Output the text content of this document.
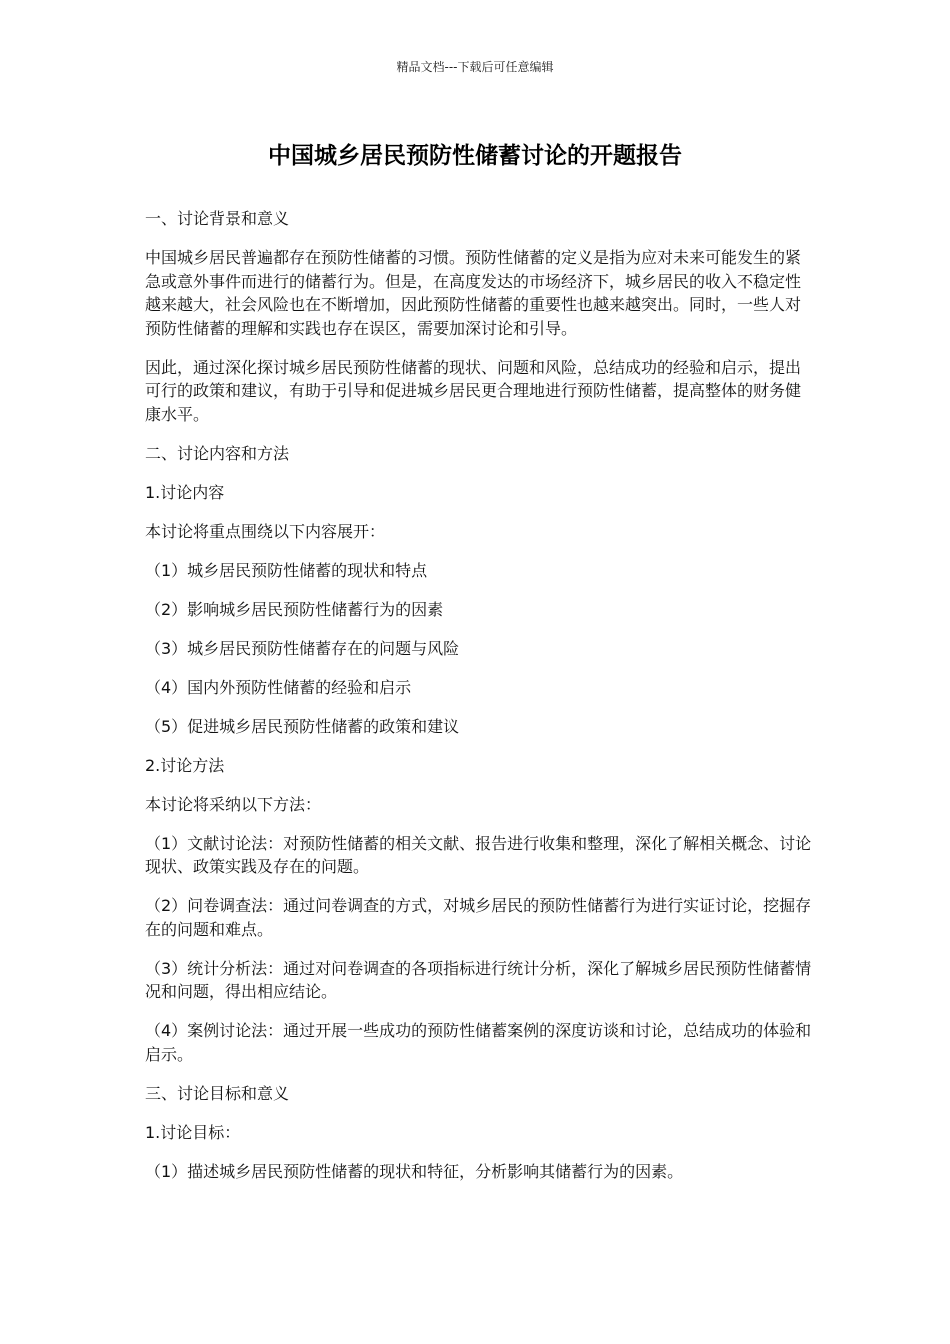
精品文档---下载后可任意编辑
中国城乡居民预防性储蓄讨论的开题报告

一、讨论背景和意义

中国城乡居民普遍都存在预防性储蓄的习惯。预防性储蓄的定义是指为应对未来可能发生的紧急或意外事件而进行的储蓄行为。但是，在高度发达的市场经济下，城乡居民的收入不稳定性越来越大，社会风险也在不断增加，因此预防性储蓄的重要性也越来越突出。同时，一些人对预防性储蓄的理解和实践也存在误区，需要加深讨论和引导。

因此，通过深化探讨城乡居民预防性储蓄的现状、问题和风险，总结成功的经验和启示，提出可行的政策和建议，有助于引导和促进城乡居民更合理地进行预防性储蓄，提高整体的财务健康水平。

二、讨论内容和方法

1.讨论内容

本讨论将重点围绕以下内容展开：

（1）城乡居民预防性储蓄的现状和特点

（2）影响城乡居民预防性储蓄行为的因素

（3）城乡居民预防性储蓄存在的问题与风险

（4）国内外预防性储蓄的经验和启示

（5）促进城乡居民预防性储蓄的政策和建议

2.讨论方法

本讨论将采纳以下方法：

（1）文献讨论法：对预防性储蓄的相关文献、报告进行收集和整理，深化了解相关概念、讨论现状、政策实践及存在的问题。

（2）问卷调查法：通过问卷调查的方式，对城乡居民的预防性储蓄行为进行实证讨论，挖掘存在的问题和难点。

（3）统计分析法：通过对问卷调查的各项指标进行统计分析，深化了解城乡居民预防性储蓄情况和问题，得出相应结论。

（4）案例讨论法：通过开展一些成功的预防性储蓄案例的深度访谈和讨论，总结成功的体验和启示。

三、讨论目标和意义

1.讨论目标：

（1）描述城乡居民预防性储蓄的现状和特征，分析影响其储蓄行为的因素。
